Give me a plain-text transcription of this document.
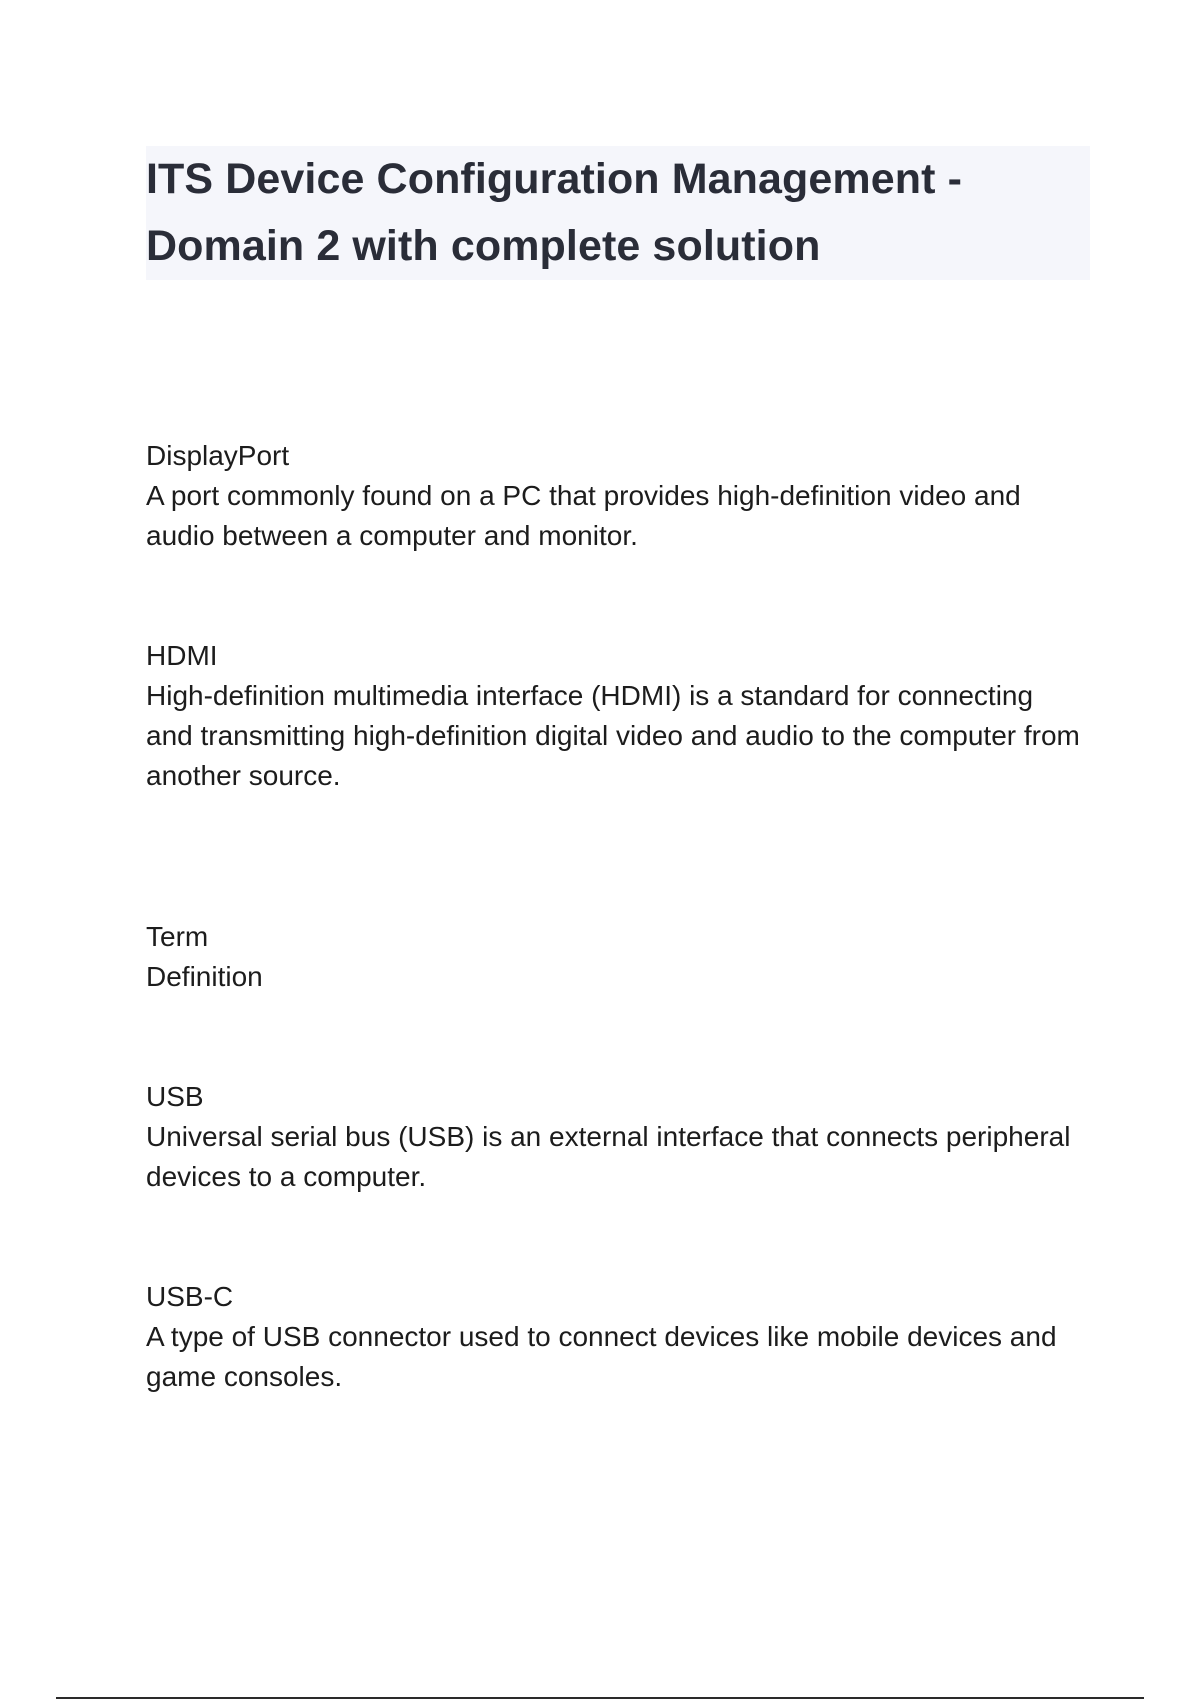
ITS Device Configuration Management -
Domain 2 with complete solution
DisplayPort
A port commonly found on a PC that provides high-definition video and audio between a computer and monitor.
HDMI
High-definition multimedia interface (HDMI) is a standard for connecting and transmitting high-definition digital video and audio to the computer from another source.
Term
Definition
USB
Universal serial bus (USB) is an external interface that connects peripheral devices to a computer.
USB-C
A type of USB connector used to connect devices like mobile devices and game consoles.
